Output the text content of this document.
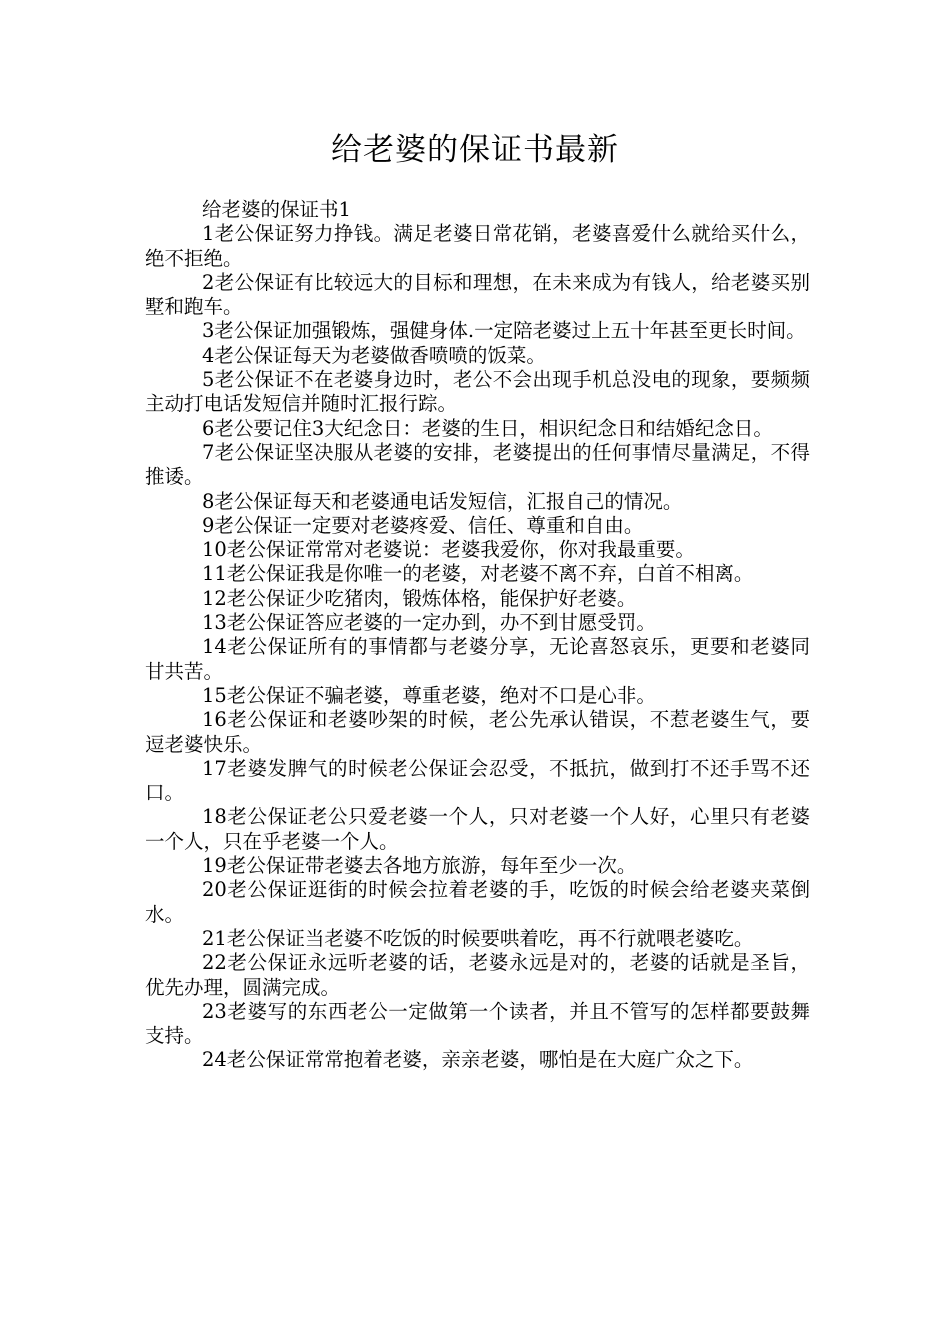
给老婆的保证书最新

给老婆的保证书1

1老公保证努力挣钱。满足老婆日常花销，老婆喜爱什么就给买什么，绝不拒绝。

2老公保证有比较远大的目标和理想，在未来成为有钱人，给老婆买别墅和跑车。

3老公保证加强锻炼，强健身体.一定陪老婆过上五十年甚至更长时间。

4老公保证每天为老婆做香喷喷的饭菜。

5老公保证不在老婆身边时，老公不会出现手机总没电的现象，要频频主动打电话发短信并随时汇报行踪。

6老公要记住3大纪念日：老婆的生日，相识纪念日和结婚纪念日。

7老公保证坚决服从老婆的安排，老婆提出的任何事情尽量满足，不得推诿。

8老公保证每天和老婆通电话发短信，汇报自己的情况。

9老公保证一定要对老婆疼爱、信任、尊重和自由。

10老公保证常常对老婆说：老婆我爱你，你对我最重要。

11老公保证我是你唯一的老婆，对老婆不离不弃，白首不相离。

12老公保证少吃猪肉，锻炼体格，能保护好老婆。

13老公保证答应老婆的一定办到，办不到甘愿受罚。

14老公保证所有的事情都与老婆分享，无论喜怒哀乐，更要和老婆同甘共苦。

15老公保证不骗老婆，尊重老婆，绝对不口是心非。

16老公保证和老婆吵架的时候，老公先承认错误，不惹老婆生气，要逗老婆快乐。

17老婆发脾气的时候老公保证会忍受，不抵抗，做到打不还手骂不还口。

18老公保证老公只爱老婆一个人，只对老婆一个人好，心里只有老婆一个人，只在乎老婆一个人。

19老公保证带老婆去各地方旅游，每年至少一次。

20老公保证逛街的时候会拉着老婆的手，吃饭的时候会给老婆夹菜倒水。

21老公保证当老婆不吃饭的时候要哄着吃，再不行就喂老婆吃。

22老公保证永远听老婆的话，老婆永远是对的，老婆的话就是圣旨，优先办理，圆满完成。

23老婆写的东西老公一定做第一个读者，并且不管写的怎样都要鼓舞支持。

24老公保证常常抱着老婆，亲亲老婆，哪怕是在大庭广众之下。
